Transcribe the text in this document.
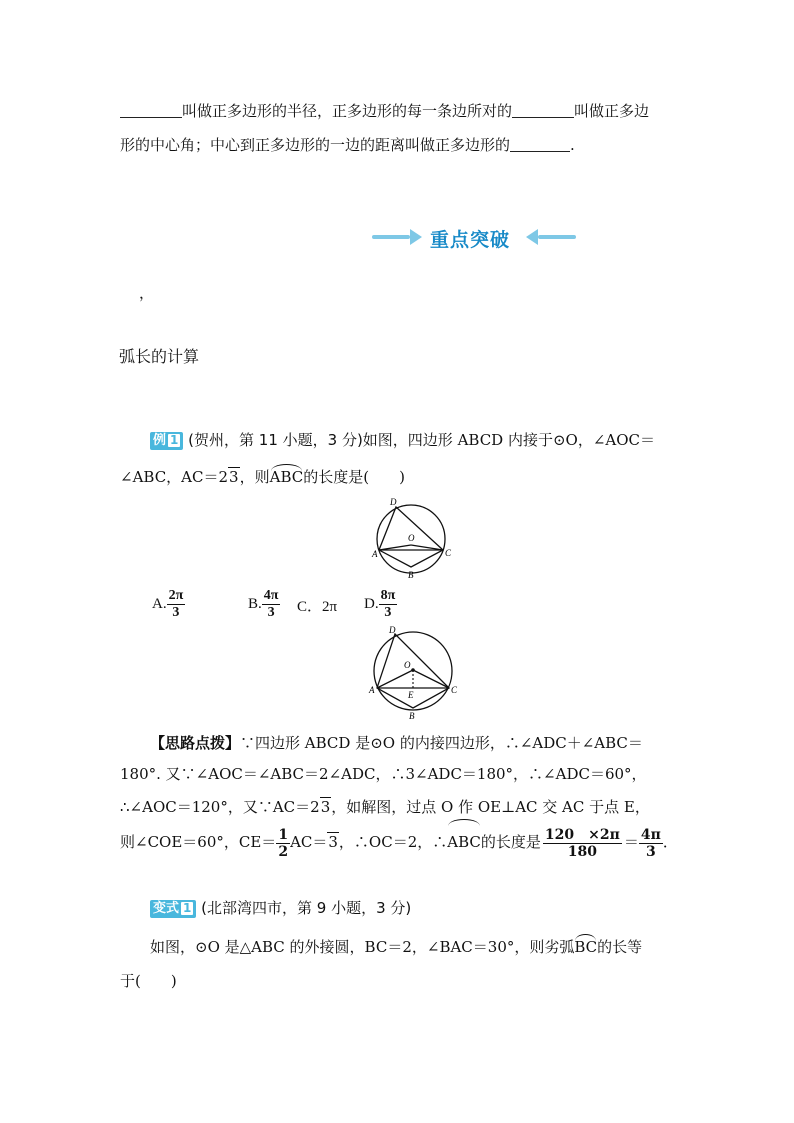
叫做正多边形的半径，正多边形的每一条边所对的	叫做正多边
形的中心角；中心到正多边形的一边的距离叫做正多边形的	.
重点突破
，
弧长的计算
例 1 (贺州，第 11 小题，3 分)如图，四边形 ABCD 内接于⊙O，∠AOC＝
∠ABC，AC＝23，则ABC的长度是(　　)
D
A
O
C
B
A. $\frac{2\pi}{3}$	B. $\frac{4\pi}{3}$ C．2π D. $\frac{8\pi}{3}$
D
A
O
E	C
B
【思路点拨】∵四边形 ABCD 是⊙O 的内接四边形，∴∠ADC＋∠ABC＝
180°. 又∵∠AOC＝∠ABC＝2∠ADC，∴3∠ADC＝180°，∴∠ADC＝60°，
∴∠AOC＝120°，又∵AC＝23，如解图，过点 O 作 OE⊥AC 交 AC 于点 E，
则∠COE＝60°，$CE= \frac{1}{2} AC=3$，∴OC＝2，∴ABC的长度是 $\frac{120 \times 2\pi}{180} = \frac{4\pi}{3}$ ．
变式 1 (北部湾四市，第 9 小题，3 分)
如图，⊙O 是△ABC 的外接圆，BC＝2，∠BAC＝30°，则劣弧BC的长等
于(　　)
